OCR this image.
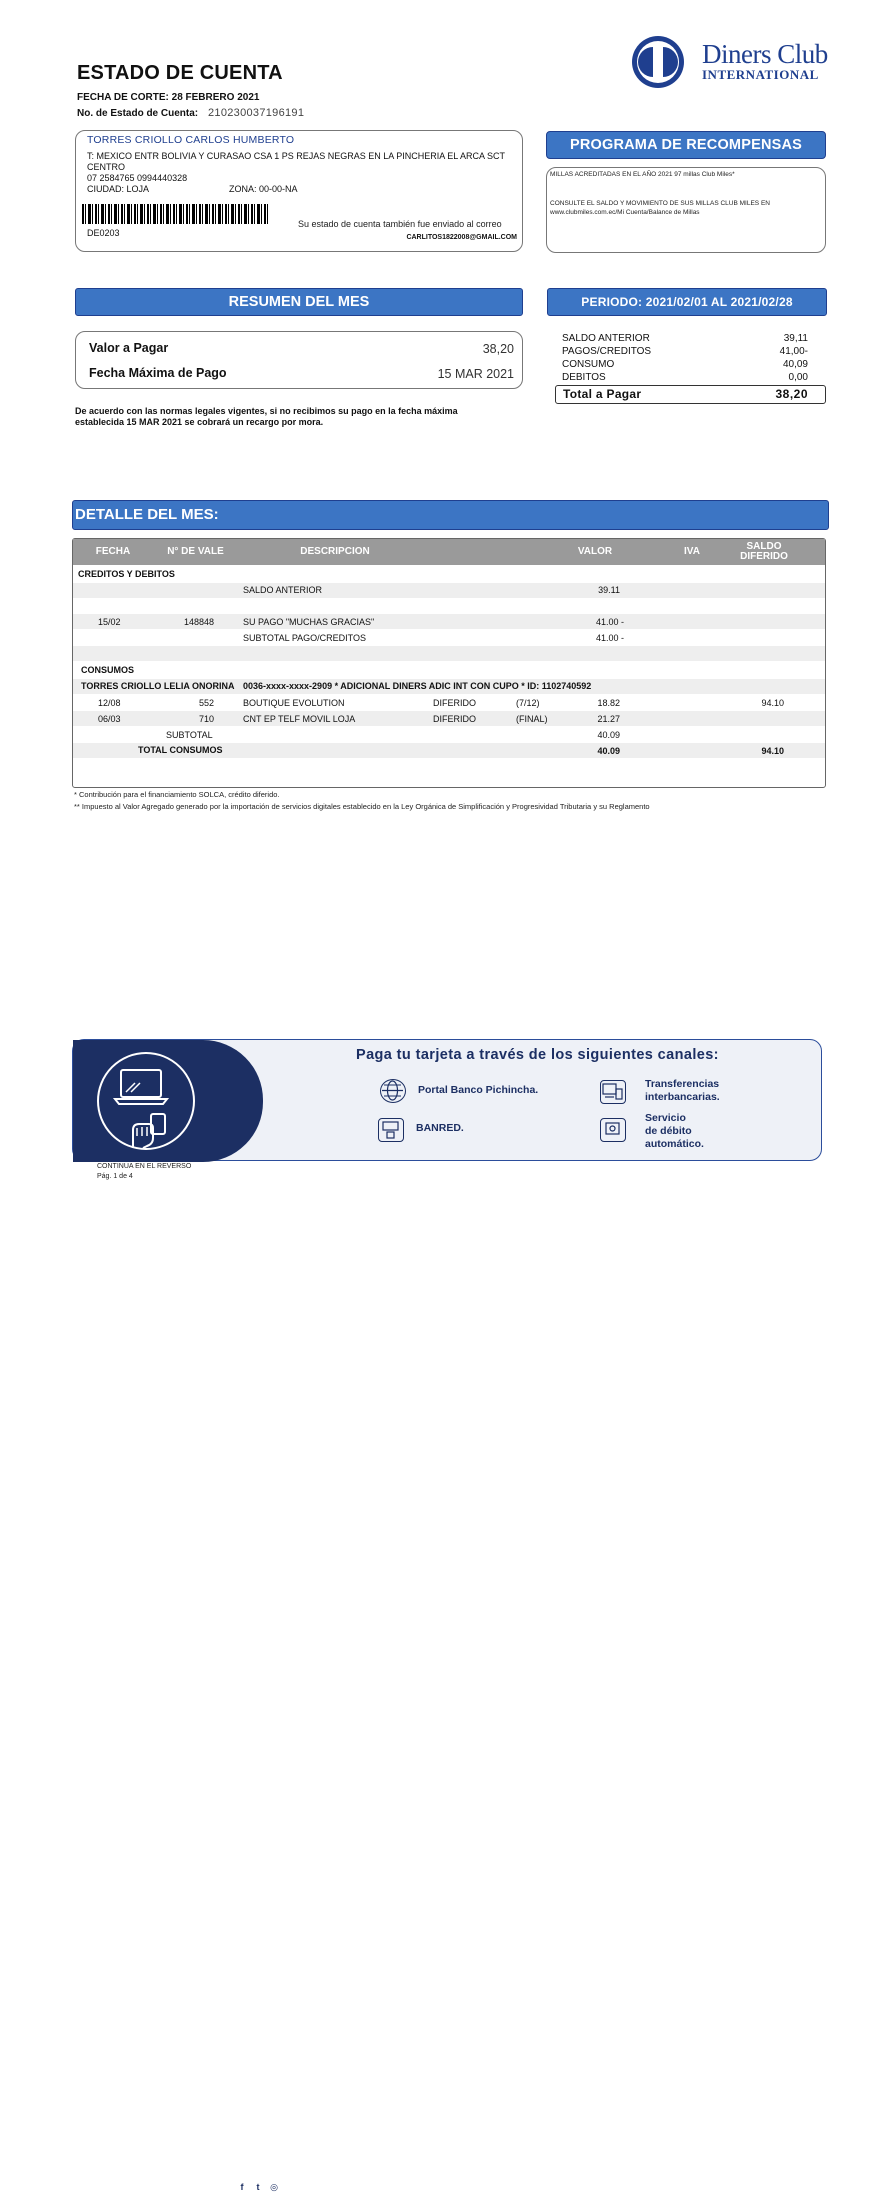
ESTADO DE CUENTA
FECHA DE CORTE: 28 FEBRERO 2021
No. de Estado de Cuenta: 210230037196191
Diners Club
INTERNATIONAL
TORRES CRIOLLO CARLOS HUMBERTO
T: MEXICO ENTR BOLIVIA Y CURASAO CSA 1 PS REJAS NEGRAS EN LA PINCHERIA EL ARCA SCT
CENTRO
07 2584765 0994440328
CIUDAD: LOJA	ZONA: 00-00-NA
DE0203
Su estado de cuenta también fue enviado al correo
CARLITOS1822008@GMAIL.COM
PROGRAMA DE RECOMPENSAS
MILLAS ACREDITADAS EN EL AÑO 2021 97 millas Club Miles*
CONSULTE EL SALDO Y MOVIMIENTO DE SUS MILLAS CLUB MILES EN
www.clubmiles.com.ec/Mi Cuenta/Balance de Millas
RESUMEN DEL MES
Valor a Pagar	38,20
Fecha Máxima de Pago	15 MAR 2021
De acuerdo con las normas legales vigentes, si no recibimos su pago en la fecha máxima establecida 15 MAR 2021 se cobrará un recargo por mora.
PERIODO: 2021/02/01 AL 2021/02/28
SALDO ANTERIOR	39,11
PAGOS/CREDITOS	41,00-
CONSUMO	40,09
DEBITOS	0,00
Total a Pagar	38,20
DETALLE DEL MES:
FECHA	N° DE VALE	DESCRIPCION	VALOR	IVA	SALDO DIFERIDO
CREDITOS Y DEBITOS
SALDO ANTERIOR	39.11
15/02	148848	SU PAGO "MUCHAS GRACIAS"	41.00 -
SUBTOTAL PAGO/CREDITOS	41.00 -
CONSUMOS
TORRES CRIOLLO LELIA ONORINA 0036-xxxx-xxxx-2909 * ADICIONAL DINERS ADIC INT CON CUPO * ID: 1102740592
12/08	552	BOUTIQUE EVOLUTION	DIFERIDO	(7/12)	18.82	94.10
06/03	710	CNT EP TELF MOVIL LOJA	DIFERIDO	(FINAL)	21.27
SUBTOTAL	40.09
TOTAL CONSUMOS	40.09	94.10
* Contribución para el financiamiento SOLCA, crédito diferido.
** Impuesto al Valor Agregado generado por la importación de servicios digitales establecido en la Ley Orgánica de Simplificación y Progresividad Tributaria y su Reglamento
f	t	◎
Paga tu tarjeta a través de los siguientes canales:
Portal Banco Pichincha.	Transferencias
interbancarias.
BANRED.
Servicio
de débito
automático.
CONTINUA EN EL REVERSO
Pág. 1 de 4
